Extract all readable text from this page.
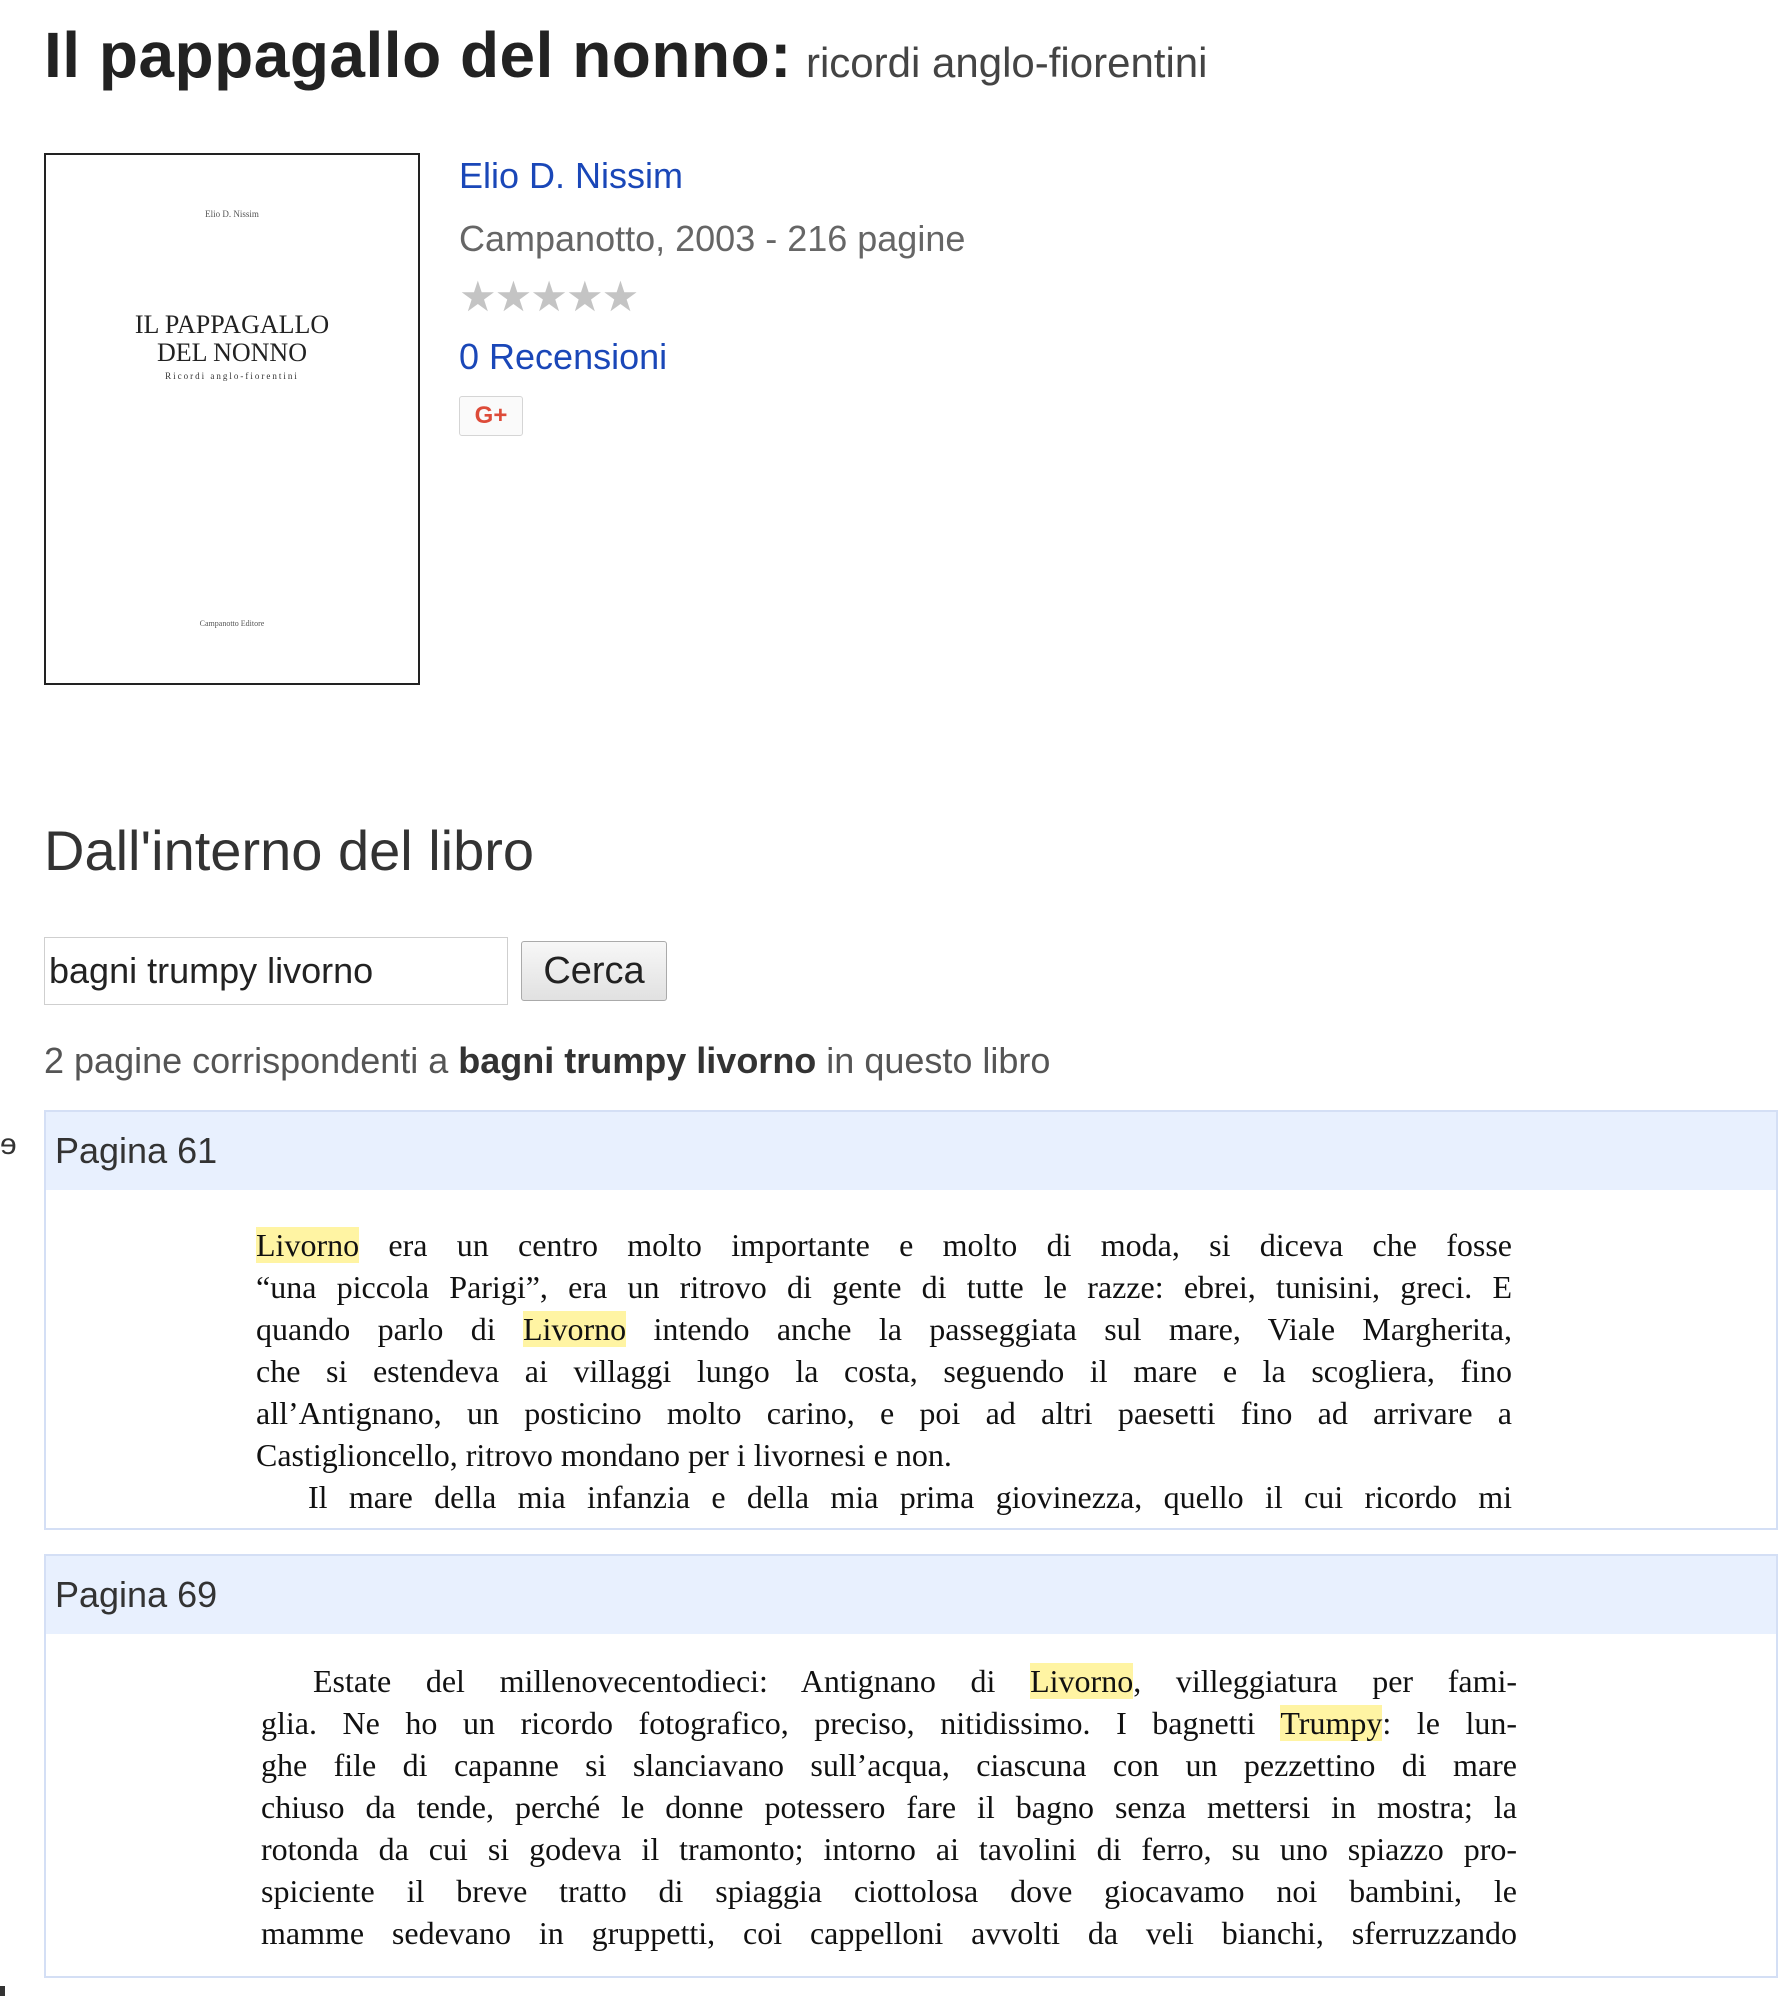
Il pappagallo del nonno: ricordi anglo-fiorentini
Elio D. Nissim
IL PAPPAGALLO
DEL NONNO
Ricordi anglo-fiorentini
Campanotto Editore
Elio D. Nissim
Campanotto, 2003 - 216 pagine
★★★★★
0 Recensioni
G+
Dall'interno del libro
bagni trumpy livorno
Cerca
2 pagine corrispondenti a bagni trumpy livorno in questo libro
ɘ Pagina 61
Livorno era un centro molto importante e molto di moda, si diceva che fosse
“una piccola Parigi”, era un ritrovo di gente di tutte le razze: ebrei, tunisini, greci. E
quando parlo di Livorno intendo anche la passeggiata sul mare, Viale Margherita,
che si estendeva ai villaggi lungo la costa, seguendo il mare e la scogliera, fino
all’Antignano, un posticino molto carino, e poi ad altri paesetti fino ad arrivare a
Castiglioncello, ritrovo mondano per i livornesi e non.
Il mare della mia infanzia e della mia prima giovinezza, quello il cui ricordo mi
Pagina 69
Estate del millenovecentodieci: Antignano di Livorno, villeggiatura per fami-
glia. Ne ho un ricordo fotografico, preciso, nitidissimo. I bagnetti Trumpy: le lun-
ghe file di capanne si slanciavano sull’acqua, ciascuna con un pezzettino di mare
chiuso da tende, perché le donne potessero fare il bagno senza mettersi in mostra; la
rotonda da cui si godeva il tramonto; intorno ai tavolini di ferro, su uno spiazzo pro-
spiciente il breve tratto di spiaggia ciottolosa dove giocavamo noi bambini, le
mamme sedevano in gruppetti, coi cappelloni avvolti da veli bianchi, sferruzzando
